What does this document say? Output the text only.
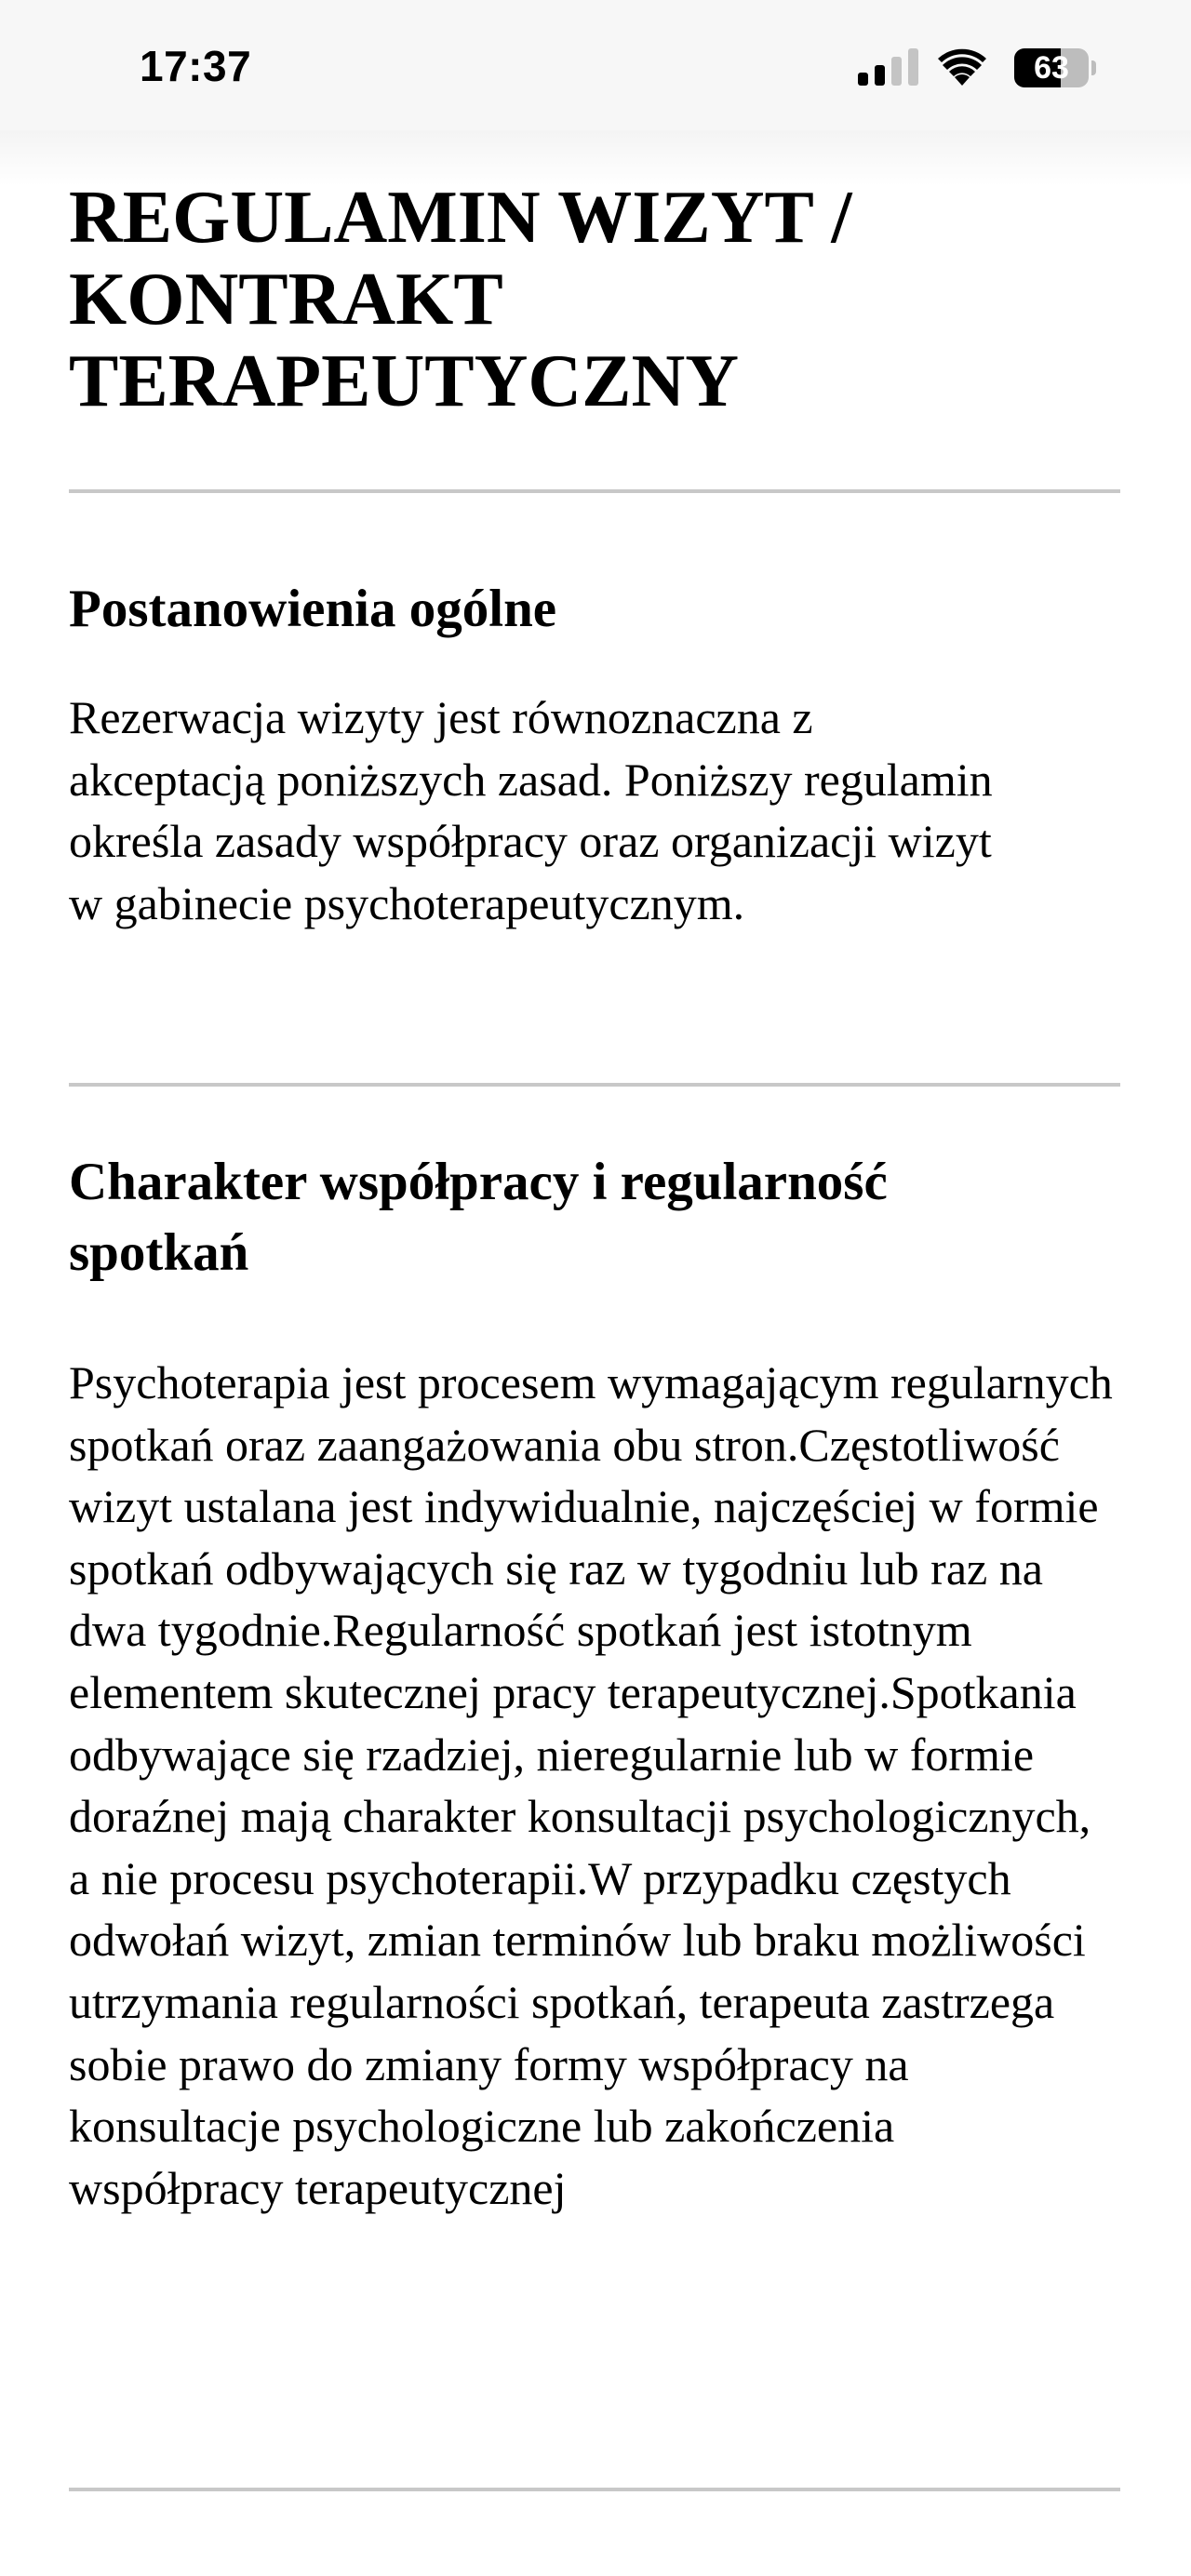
17:37	63
REGULAMIN WIZYT / KONTRAKT TERAPEUTYCZNY
Postanowienia ogólne

Rezerwacja wizyty jest równoznaczna z akceptacją poniższych zasad. Poniższy regulamin określa zasady współpracy oraz organizacji wizyt w gabinecie psychoterapeutycznym.

Charakter współpracy i regularność spotkań

Psychoterapia jest procesem wymagającym regularnych spotkań oraz zaangażowania obu stron.Częstotliwość wizyt ustalana jest indywidualnie, najczęściej w formie spotkań odbywających się raz w tygodniu lub raz na dwa tygodnie.Regularność spotkań jest istotnym elementem skutecznej pracy terapeutycznej.Spotkania odbywające się rzadziej, nieregularnie lub w formie doraźnej mają charakter konsultacji psychologicznych, a nie procesu psychoterapii.W przypadku częstych odwołań wizyt, zmian terminów lub braku możliwości utrzymania regularności spotkań, terapeuta zastrzega sobie prawo do zmiany formy współpracy na konsultacje psychologiczne lub zakończenia współpracy terapeutycznej
